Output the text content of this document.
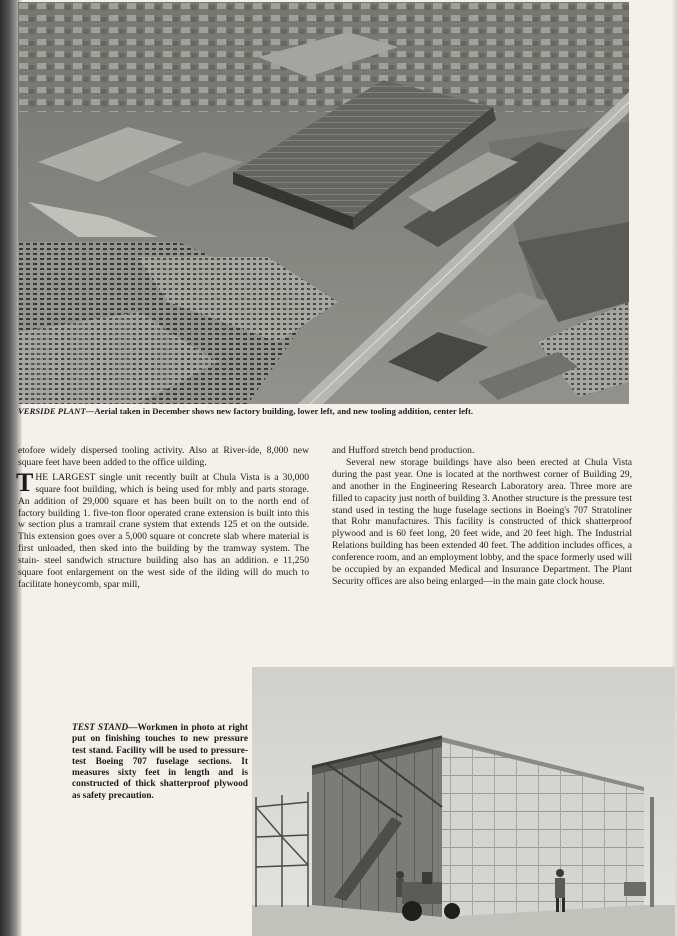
VERSIDE PLANT—Aerial taken in December shows new factory building, lower left, and new tooling addition, center left.

etofore widely dispersed tooling activity. Also at River-ide, 8,000 new square feet have been added to the office uilding.

THE LARGEST single unit recently built at Chula Vista is a 30,000 square foot building, which is being used for mbly and parts storage. An addition of 29,000 square et has been built on to the north end of factory building 1. five-ton floor operated crane extension is built into this w section plus a tramrail crane system that extends 125 et on the outside. This extension goes over a 5,000 square ot concrete slab where material is first unloaded, then sked into the building by the tramway system. The stain- steel sandwich structure building also has an addition. e 11,250 square foot enlargement on the west side of the ilding will do much to facilitate honeycomb, spar mill,

and Hufford stretch bend production.

Several new storage buildings have also been erected at Chula Vista during the past year. One is located at the northwest corner of Building 29, and another in the Engineering Research Laboratory area. Three more are filled to capacity just north of building 3. Another structure is the pressure test stand used in testing the huge fuselage sections in Boeing's 707 Stratoliner that Rohr manufactures. This facility is constructed of thick shatterproof plywood and is 60 feet long, 20 feet wide, and 20 feet high. The Industrial Relations building has been extended 40 feet. The addition includes offices, a conference room, and an employment lobby, and the space formerly used will be occupied by an expanded Medical and Insurance Department. The Plant Security offices are also being enlarged—in the main gate clock house.

TEST STAND—Workmen in photo at right put on finishing touches to new pressure test stand. Facility will be used to pressure-test Boeing 707 fuselage sections. It measures sixty feet in length and is constructed of thick shatterproof plywood as safety precaution.
